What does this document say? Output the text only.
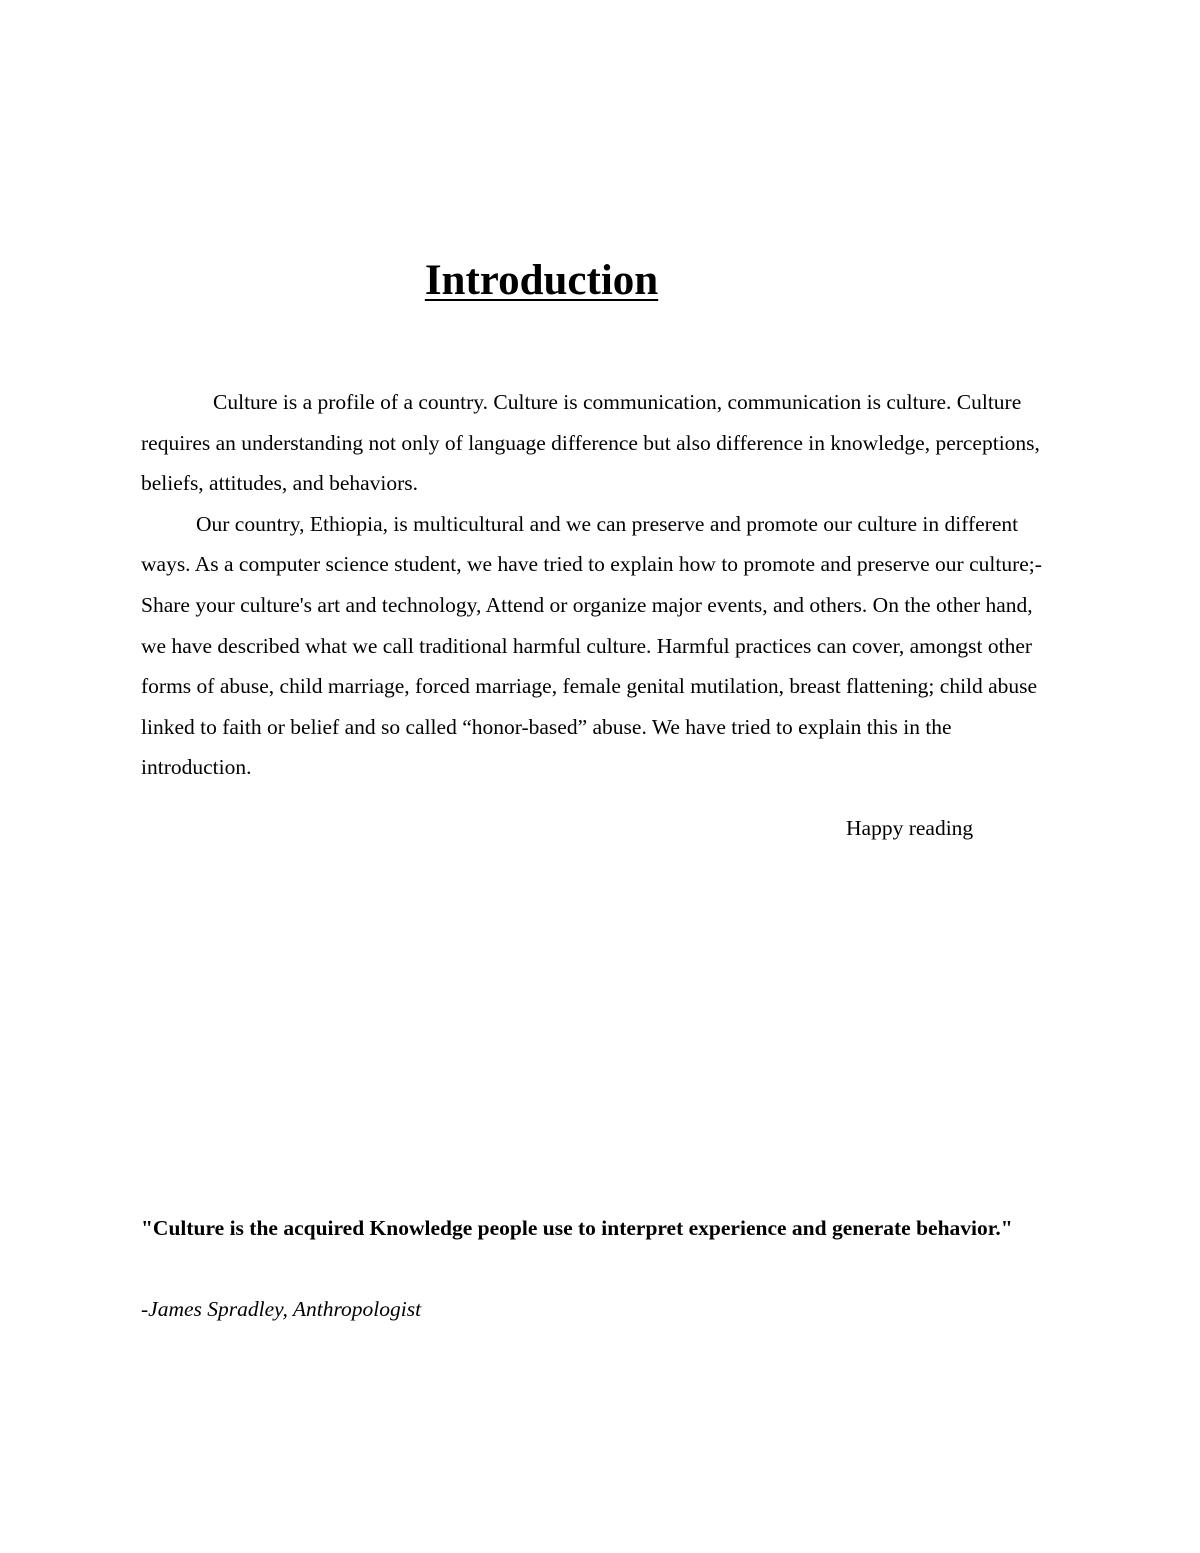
Introduction

Culture is a profile of a country. Culture is communication, communication is culture. Culture requires an understanding not only of language difference but also difference in knowledge, perceptions, beliefs, attitudes, and behaviors.

Our country, Ethiopia, is multicultural and we can preserve and promote our culture in different ways. As a computer science student, we have tried to explain how to promote and preserve our culture;-Share your culture's art and technology, Attend or organize major events, and others. On the other hand, we have described what we call traditional harmful culture. Harmful practices can cover, amongst other forms of abuse, child marriage, forced marriage, female genital mutilation, breast flattening; child abuse linked to faith or belief and so called “honor-based” abuse. We have tried to explain this in the introduction.

Happy reading

"Culture is the acquired Knowledge people use to interpret experience and generate behavior."

-James Spradley, Anthropologist
